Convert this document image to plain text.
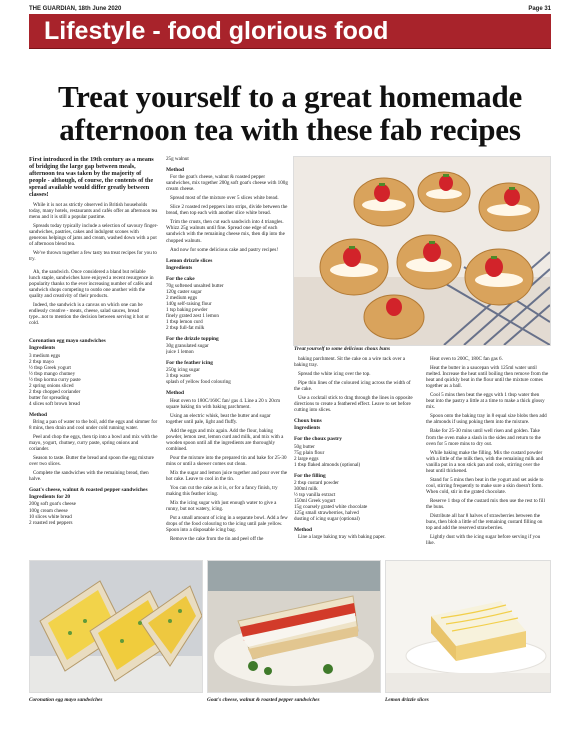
THE GUARDIAN, 18th June 2020	Page 31
Lifestyle - food glorious food
Treat yourself to a great homemade afternoon tea with these fab recipes

First introduced in the 19th century as a means of bridging the large gap between meals, afternoon tea was taken by the majority of people - although, of course, the contents of the spread available would differ greatly between classes!

While it is not as strictly observed in British households today, many hotels, restaurants and cafés offer an afternoon tea menu and it is still a popular pastime.

Spreads today typically include a selection of savoury finger-sandwiches, pastries, cakes and indulgent scones with generous helpings of jams and cream, washed down with a pot of afternoon blend tea.

We've thrown together a few tasty tea treat recipes for you to try.

Ah, the sandwich. Once considered a bland but reliable lunch staple, sandwiches have enjoyed a recent resurgence in popularity thanks to the ever increasing number of cafés and sandwich shops competing to outdo one another with the quality and creativity of their products.

Indeed, the sandwich is a canvas on which one can be endlessly creative - meats, cheese, salad sauces, bread type...not to mention the decision between serving it hot or cold.

Coronation egg mayo sandwiches

Ingredients

3 medium eggs

2 tbsp mayo

½ tbsp Greek yogurt

½ tbsp mango chutney

½ tbsp korma curry paste

2 spring onions sliced

2 tbsp chopped coriander

butter for spreading

4 slices soft brown bread

Method

Bring a pan of water to the boil, add the eggs and simmer for 8 mins, then drain and cool under cold running water.

Peel and chop the eggs, then tip into a bowl and mix with the mayo, yogurt, chutney, curry paste, spring onions and coriander.

Season to taste. Butter the bread and spoon the egg mixture over two slices.

Complete the sandwiches with the remaining bread, then halve.

Goat's cheese, walnut & roasted pepper sandwiches

Ingredients for 20

200g soft goat's cheese

100g cream cheese

10 slices white bread

2 roasted red peppers

25g walnut

Method

For the goat's cheese, walnut & roasted pepper sandwiches, mix together 200g soft goat's cheese with 100g cream cheese.

Spread most of the mixture over 5 slices white bread.

Slice 2 roasted red peppers into strips, divide between the bread, then top each with another slice white bread.

Trim the crusts, then cut each sandwich into 4 triangles. Whizz 25g walnuts until fine. Spread one edge of each sandwich with the remaining cheese mix, then dip into the chopped walnuts.

And now for some delicious cake and pastry recipes!

Lemon drizzle slices

Ingredients

For the cake

70g softened unsalted butter

120g caster sugar

2 medium eggs

140g self-raising flour

1 tsp baking powder

finely grated zest 1 lemon

1 tbsp lemon curd

2 tbsp full-fat milk

For the drizzle topping

30g granulated sugar

juice 1 lemon

For the feather icing

250g icing sugar

3 tbsp water

splash of yellow food colouring

Method

Heat oven to 180C/160C fan/ gas 4. Line a 20 x 20cm square baking tin with baking parchment.

Using an electric whisk, beat the butter and sugar together until pale, light and fluffy.

Add the eggs and mix again. Add the flour, baking powder, lemon zest, lemon curd and milk, and mix with a wooden spoon until all the ingredients are thoroughly combined.

Pour the mixture into the prepared tin and bake for 25-30 mins or until a skewer comes out clean.

Mix the sugar and lemon juice together and pour over the hot cake. Leave to cool in the tin.

You can cut the cake as it is, or for a fancy finish, try making this feather icing.

Mix the icing sugar with just enough water to give a runny, but not watery, icing.

Put a small amount of icing in a separate bowl. Add a few drops of the food colouring to the icing until pale yellow. Spoon into a disposable icing bag.

Remove the cake from the tin and peel off the

Treat yourself to some delicious choux buns

baking parchment. Sit the cake on a wire rack over a baking tray.

Spread the white icing over the top.

Pipe thin lines of the coloured icing across the width of the cake.

Use a cocktail stick to drag through the lines in opposite directions to create a feathered effect. Leave to set before cutting into slices.

Choux buns

Ingredients

For the choux pastry

50g butter

75g plain flour

2 large eggs

1 tbsp flaked almonds (optional)

For the filling

2 tbsp custard powder

300ml milk

½ tsp vanilla extract

150ml Greek yogurt

15g coarsely grated white chocolate

125g small strawberries, halved

dusting of icing sugar (optional)

Method

Line a large baking tray with baking paper.

Heat oven to 200C, 180C fan gas 6.

Heat the butter in a saucepan with 125ml water until melted. Increase the heat until boiling then remove from the heat and quickly beat in the flour until the mixture comes together as a ball.

Cool 5 mins then beat the eggs with 1 tbsp water then beat into the pastry a little at a time to make a thick glossy mix.

Spoon onto the baking tray in 8 equal size blobs then add the almonds if using poking them into the mixture.

Bake for 25-30 mins until well risen and golden. Take from the oven make a slash in the sides and return to the oven for 5 more mins to dry out.

While baking make the filling. Mix the custard powder with a little of the milk then, with the remaining milk and vanilla put in a non stick pan and cook, stirring over the heat until thickened.

Stand for 5 mins then beat in the yogurt and set aside to cool, stirring frequently to make sure a skin doesn't form. When cold, stir in the grated chocolate.

Reserve 1 tbsp of the custard mix then use the rest to fill the buns.

Distribute all bar 8 halves of strawberries between the buns, then blob a little of the remaining custard filling on top and add the reserved strawberries.

Lightly dust with the icing sugar before serving if you like.

Coronation egg mayo sandwiches	Goat's cheese, walnut & roasted pepper sandwiches	Lemon drizzle slices
